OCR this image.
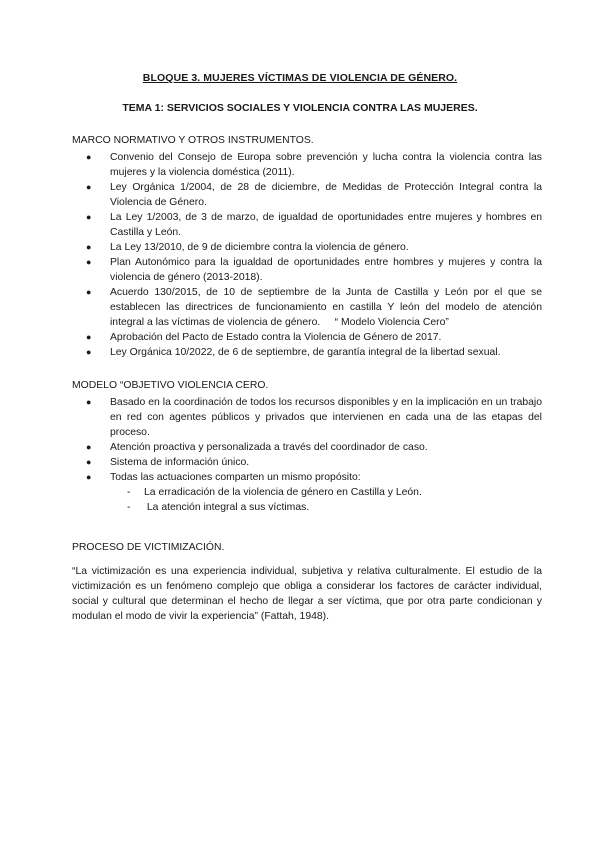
BLOQUE 3. MUJERES VÍCTIMAS DE VIOLENCIA DE GÉNERO.
TEMA 1: SERVICIOS SOCIALES Y VIOLENCIA CONTRA LAS MUJERES.
MARCO NORMATIVO Y OTROS INSTRUMENTOS.
● Convenio del Consejo de Europa sobre prevención y lucha contra la violencia contra las mujeres y la violencia doméstica (2011).
● Ley Orgánica 1/2004, de 28 de diciembre, de Medidas de Protección Integral contra la Violencia de Género.
● La Ley 1/2003, de 3 de marzo, de igualdad de oportunidades entre mujeres y hombres en Castilla y León.
● La Ley 13/2010, de 9 de diciembre contra la violencia de género.
● Plan Autonómico para la igualdad de oportunidades entre hombres y mujeres y contra la violencia de género (2013-2018).
● Acuerdo 130/2015, de 10 de septiembre de la Junta de Castilla y León por el que se establecen las directrices de funcionamiento en castilla Y león del modelo de atención integral a las víctimas de violencia de género.     “ Modelo Violencia Cero”
● Aprobación del Pacto de Estado contra la Violencia de Género de 2017.
● Ley Orgánica 10/2022, de 6 de septiembre, de garantía integral de la libertad sexual.
MODELO “OBJETIVO VIOLENCIA CERO.
● Basado en la coordinación de todos los recursos disponibles y en la implicación en un trabajo en red con agentes públicos y privados que intervienen en cada una de las etapas del proceso.
● Atención proactiva y personalizada a través del coordinador de caso.
● Sistema de información único.
● Todas las actuaciones comparten un mismo propósito:
- La erradicación de la violencia de género en Castilla y León.
- La atención integral a sus víctimas.
PROCESO DE VICTIMIZACIÓN.

“La victimización es una experiencia individual, subjetiva y relativa culturalmente. El estudio de la victimización es un fenómeno complejo que obliga a considerar los factores de carácter individual, social y cultural que determinan el hecho de llegar a ser víctima, que por otra parte condicionan y modulan el modo de vivir la experiencia” (Fattah, 1948).
